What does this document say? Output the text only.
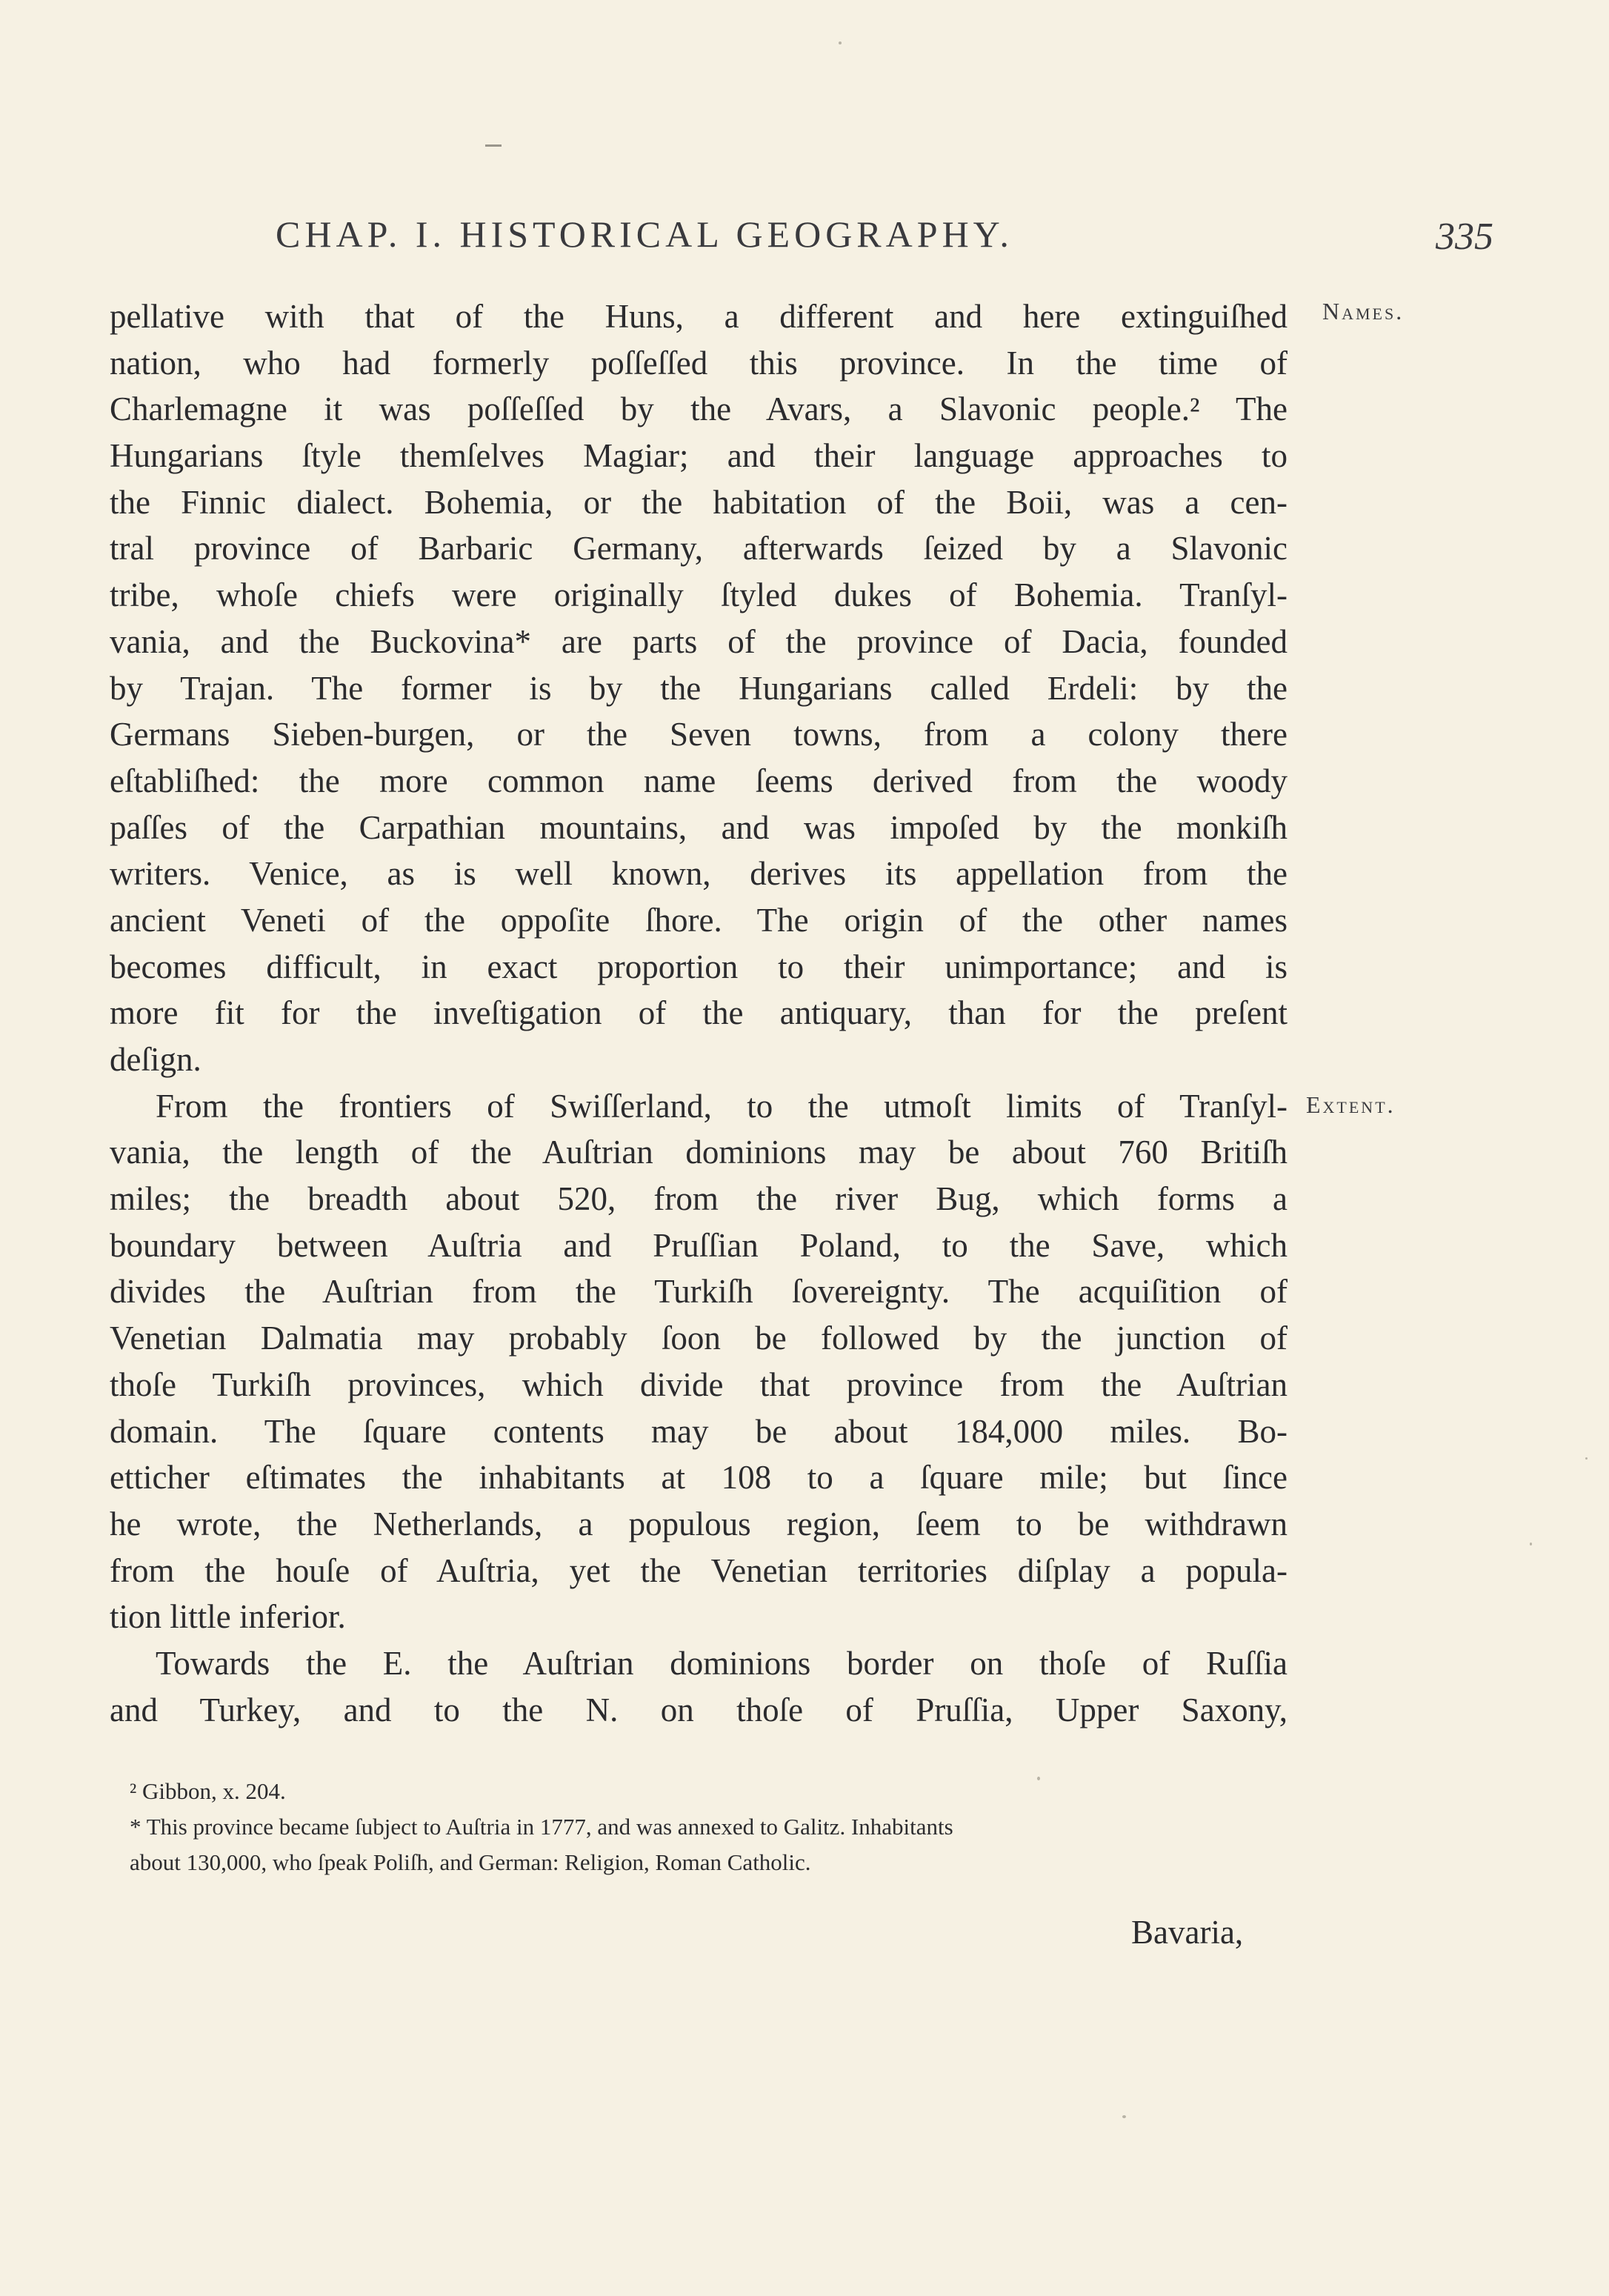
CHAP. I. HISTORICAL GEOGRAPHY.	335
Names.
Extent.
pellative with that of the Huns, a different and here extinguiſhed
nation, who had formerly poſſeſſed this province. In the time of
Charlemagne it was poſſeſſed by the Avars, a Slavonic people.² The
Hungarians ſtyle themſelves Magiar; and their language approaches to
the Finnic dialect. Bohemia, or the habitation of the Boii, was a cen-
tral province of Barbaric Germany, afterwards ſeized by a Slavonic
tribe, whoſe chiefs were originally ſtyled dukes of Bohemia. Tranſyl-
vania, and the Buckovina* are parts of the province of Dacia, founded
by Trajan. The former is by the Hungarians called Erdeli: by the
Germans Sieben-burgen, or the Seven towns, from a colony there
eſtabliſhed: the more common name ſeems derived from the woody
paſſes of the Carpathian mountains, and was impoſed by the monkiſh
writers. Venice, as is well known, derives its appellation from the
ancient Veneti of the oppoſite ſhore. The origin of the other names
becomes difficult, in exact proportion to their unimportance; and is
more fit for the inveſtigation of the antiquary, than for the preſent
deſign.
From the frontiers of Swiſſerland, to the utmoſt limits of Tranſyl-
vania, the length of the Auſtrian dominions may be about 760 Britiſh
miles; the breadth about 520, from the river Bug, which forms a
boundary between Auſtria and Pruſſian Poland, to the Save, which
divides the Auſtrian from the Turkiſh ſovereignty. The acquiſition of
Venetian Dalmatia may probably ſoon be followed by the junction of
thoſe Turkiſh provinces, which divide that province from the Auſtrian
domain. The ſquare contents may be about 184,000 miles. Bo-
etticher eſtimates the inhabitants at 108 to a ſquare mile; but ſince
he wrote, the Netherlands, a populous region, ſeem to be withdrawn
from the houſe of Auſtria, yet the Venetian territories diſplay a popula-
tion little inferior.
Towards the E. the Auſtrian dominions border on thoſe of Ruſſia
and Turkey, and to the N. on thoſe of Pruſſia, Upper Saxony,
² Gibbon, x. 204.
* This province became ſubject to Auſtria in 1777, and was annexed to Galitz. Inhabitants
about 130,000, who ſpeak Poliſh, and German: Religion, Roman Catholic.
Bavaria,
